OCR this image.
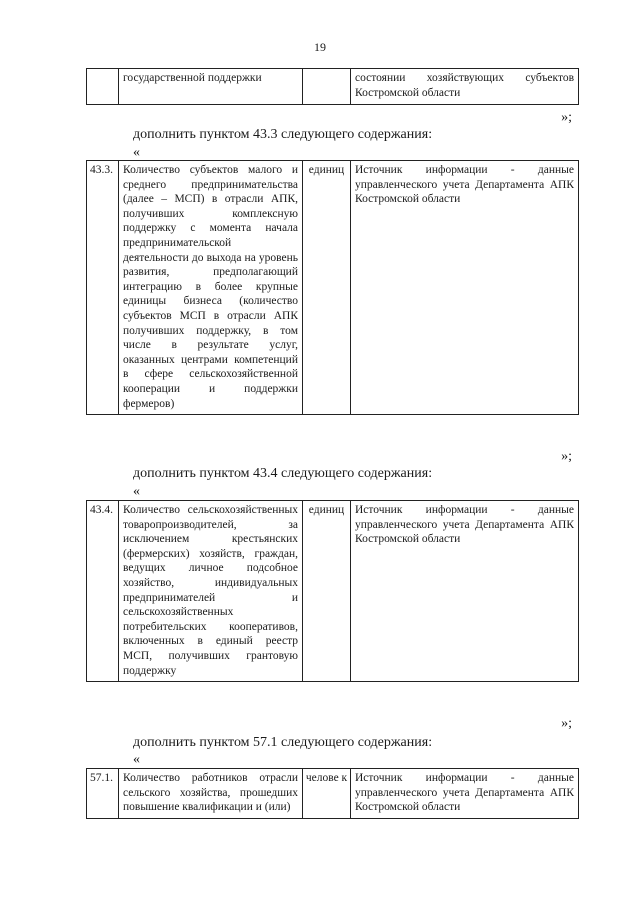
19
	государственной поддержки		состоянии хозяйствующих субъектов Костромской области
»;
дополнить пунктом 43.3 следующего содержания:
«
43.3.	Количество субъектов малого и среднего предпринимательства (далее – МСП) в отрасли АПК, получивших комплексную поддержку с момента начала предпринимательской деятельности до выхода на уровень развития, предполагающий интеграцию в более крупные единицы бизнеса (количество субъектов МСП в отрасли АПК получивших поддержку, в том числе в результате услуг, оказанных центрами компетенций в сфере сельскохозяйственной кооперации и поддержки фермеров)	единиц	Источник информации - данные управленческого учета Департамента АПК Костромской области
»;
дополнить пунктом 43.4 следующего содержания:
«
43.4.	Количество сельскохозяйственных товаропроизводителей, за исключением крестьянских (фермерских) хозяйств, граждан, ведущих личное подсобное хозяйство, индивидуальных предпринимателей и сельскохозяйственных потребительских кооперативов, включенных в единый реестр МСП, получивших грантовую поддержку	единиц	Источник информации - данные управленческого учета Департамента АПК Костромской области
»;
дополнить пунктом 57.1 следующего содержания:
«
57.1.	Количество работников отрасли сельского хозяйства, прошедших повышение квалификации и (или)	челове к	Источник информации - данные управленческого учета Департамента АПК Костромской области
